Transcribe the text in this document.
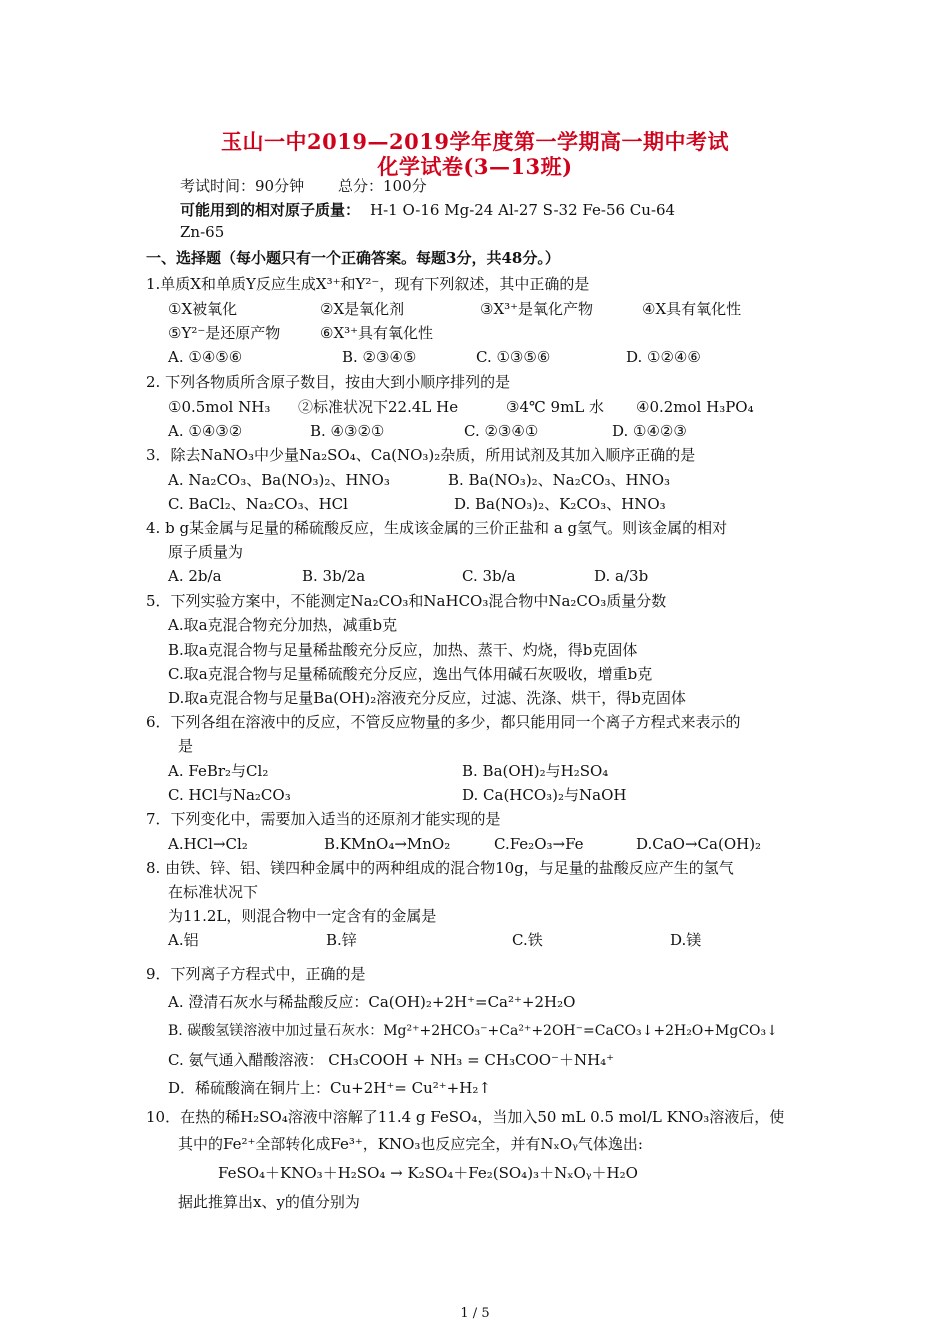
玉山一中2019—2019学年度第一学期高一期中考试
化学试卷(3—13班)
考试时间：90分钟 总分：100分
可能用到的相对原子质量： H-1 O-16 Mg-24 Al-27 S-32 Fe-56 Cu-64
Zn-65
一、选择题（每小题只有一个正确答案。每题3分，共48分。）
1.单质X和单质Y反应生成X³⁺和Y²⁻，现有下列叙述，其中正确的是
①X被氧化	②X是氧化剂	③X³⁺是氧化产物	④X具有氧化性
⑤Y²⁻是还原产物	⑥X³⁺具有氧化性
A. ①④⑤⑥	B. ②③④⑤	C. ①③⑤⑥	D. ①②④⑥
2. 下列各物质所含原子数目，按由大到小顺序排列的是
①0.5mol NH₃ ②标准状况下22.4L He	③4℃ 9mL 水 ④0.2mol H₃PO₄
A. ①④③②	B. ④③②①	C. ②③④①	D. ①④②③
3．除去NaNO₃中少量Na₂SO₄、Ca(NO₃)₂杂质，所用试剂及其加入顺序正确的是
A. Na₂CO₃、Ba(NO₃)₂、HNO₃	B. Ba(NO₃)₂、Na₂CO₃、HNO₃
C. BaCl₂、Na₂CO₃、HCl	D. Ba(NO₃)₂、K₂CO₃、HNO₃
4. b g某金属与足量的稀硫酸反应，生成该金属的三价正盐和 a g氢气。则该金属的相对
原子质量为
A. 2b/a	B. 3b/2a	C. 3b/a	D. a/3b
5．下列实验方案中，不能测定Na₂CO₃和NaHCO₃混合物中Na₂CO₃质量分数
A.取a克混合物充分加热，减重b克
B.取a克混合物与足量稀盐酸充分反应，加热、蒸干、灼烧，得b克固体
C.取a克混合物与足量稀硫酸充分反应，逸出气体用碱石灰吸收，增重b克
D.取a克混合物与足量Ba(OH)₂溶液充分反应，过滤、洗涤、烘干，得b克固体
6．下列各组在溶液中的反应，不管反应物量的多少，都只能用同一个离子方程式来表示的
是
A. FeBr₂与Cl₂	B. Ba(OH)₂与H₂SO₄
C. HCl与Na₂CO₃	D. Ca(HCO₃)₂与NaOH
7．下列变化中，需要加入适当的还原剂才能实现的是
A.HCl→Cl₂	B.KMnO₄→MnO₂	C.Fe₂O₃→Fe	D.CaO→Ca(OH)₂
8. 由铁、锌、铝、镁四种金属中的两种组成的混合物10g，与足量的盐酸反应产生的氢气
在标准状况下
为11.2L，则混合物中一定含有的金属是
A.铝	B.锌	C.铁	D.镁
9．下列离子方程式中，正确的是
A. 澄清石灰水与稀盐酸反应：Ca(OH)₂+2H⁺=Ca²⁺+2H₂O
B. 碳酸氢镁溶液中加过量石灰水：Mg²⁺+2HCO₃⁻+Ca²⁺+2OH⁻=CaCO₃↓+2H₂O+MgCO₃↓
C. 氨气通入醋酸溶液： CH₃COOH + NH₃ = CH₃COO⁻＋NH₄⁺
D．稀硫酸滴在铜片上：Cu+2H⁺= Cu²⁺+H₂↑
10．在热的稀H₂SO₄溶液中溶解了11.4 g FeSO₄，当加入50 mL 0.5 mol/L KNO₃溶液后，使
其中的Fe²⁺全部转化成Fe³⁺，KNO₃也反应完全，并有NₓOᵧ气体逸出:
FeSO₄＋KNO₃＋H₂SO₄ → K₂SO₄＋Fe₂(SO₄)₃＋NₓOᵧ＋H₂O
据此推算出x、y的值分别为
1 / 5
